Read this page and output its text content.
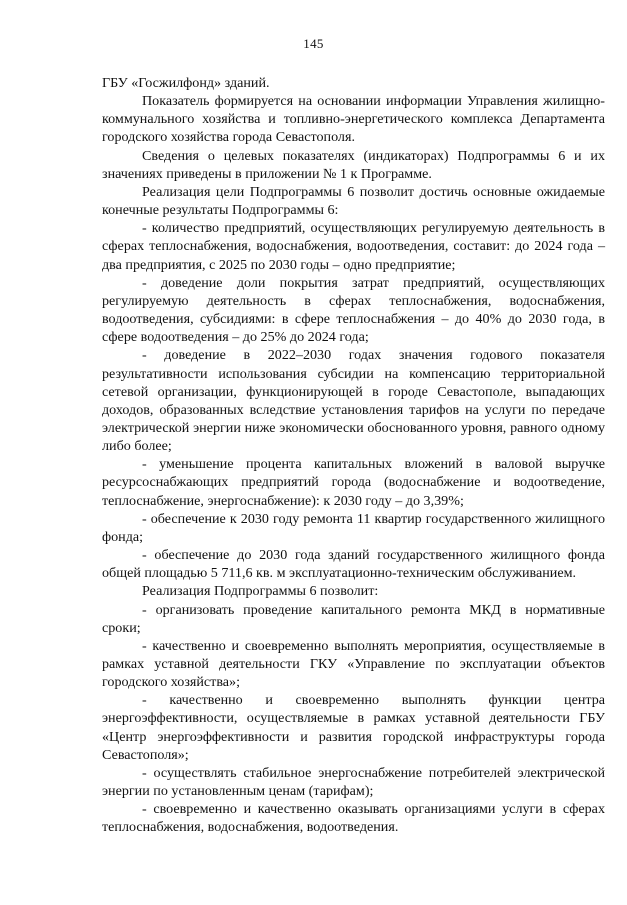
145

ГБУ «Госжилфонд» зданий.

Показатель формируется на основании информации Управления жилищно-коммунального хозяйства и топливно-энергетического комплекса Департамента городского хозяйства города Севастополя.

Сведения о целевых показателях (индикаторах) Подпрограммы 6 и их значениях приведены в приложении № 1 к Программе.

Реализация цели Подпрограммы 6 позволит достичь основные ожидаемые конечные результаты Подпрограммы 6:

- количество предприятий, осуществляющих регулируемую деятельность в сферах теплоснабжения, водоснабжения, водоотведения, составит: до 2024 года – два предприятия, с 2025 по 2030 годы – одно предприятие;

- доведение доли покрытия затрат предприятий, осуществляющих регулируемую деятельность в сферах теплоснабжения, водоснабжения, водоотведения, субсидиями: в сфере теплоснабжения – до 40% до 2030 года, в сфере водоотведения – до 25% до 2024 года;

- доведение в 2022–2030 годах значения годового показателя результативности использования субсидии на компенсацию территориальной сетевой организации, функционирующей в городе Севастополе, выпадающих доходов, образованных вследствие установления тарифов на услуги по передаче электрической энергии ниже экономически обоснованного уровня, равного одному либо более;

- уменьшение процента капитальных вложений в валовой выручке ресурсоснабжающих предприятий города (водоснабжение и водоотведение, теплоснабжение, энергоснабжение): к 2030 году – до 3,39%;

- обеспечение к 2030 году ремонта 11 квартир государственного жилищного фонда;

- обеспечение до 2030 года зданий государственного жилищного фонда общей площадью 5 711,6 кв. м эксплуатационно-техническим обслуживанием.

Реализация Подпрограммы 6 позволит:

- организовать проведение капитального ремонта МКД в нормативные сроки;

- качественно и своевременно выполнять мероприятия, осуществляемые в рамках уставной деятельности ГКУ «Управление по эксплуатации объектов городского хозяйства»;

- качественно и своевременно выполнять функции центра энергоэффективности, осуществляемые в рамках уставной деятельности ГБУ «Центр энергоэффективности и развития городской инфраструктуры города Севастополя»;

- осуществлять стабильное энергоснабжение потребителей электрической энергии по установленным ценам (тарифам);

- своевременно и качественно оказывать организациями услуги в сферах теплоснабжения, водоснабжения, водоотведения.
